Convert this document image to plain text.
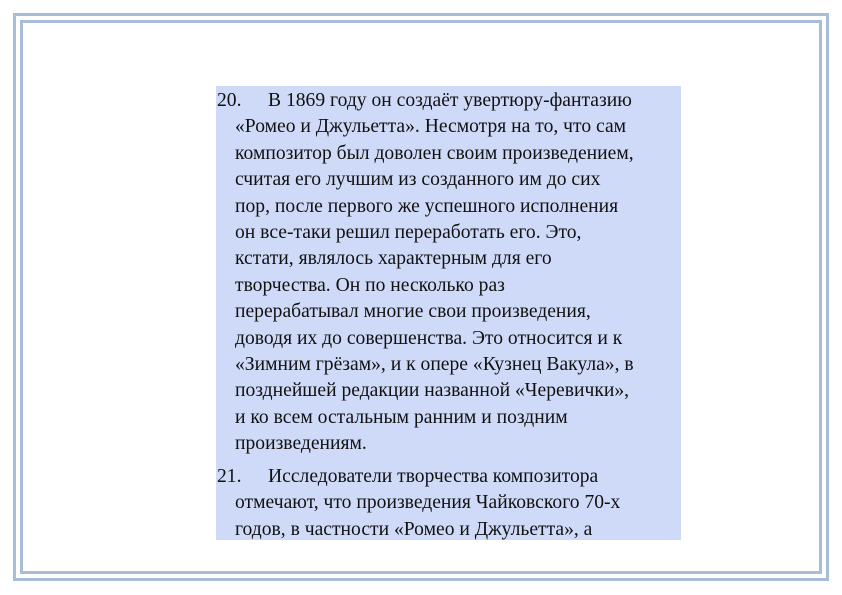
20.	В 1869 году он создаёт увертюру-фантазию
«Ромео и Джульетта». Несмотря на то, что сам
композитор был доволен своим произведением,
считая его лучшим из созданного им до сих
пор, после первого же успешного исполнения
он все-таки решил переработать его. Это,
кстати, являлось характерным для его
творчества. Он по несколько раз
перерабатывал многие свои произведения,
доводя их до совершенства. Это относится и к
«Зимним грёзам», и к опере «Кузнец Вакула», в
позднейшей редакции названной «Черевички»,
и ко всем остальным ранним и поздним
произведениям.
21.	Исследователи творчества композитора
отмечают, что произведения Чайковского 70-х
годов, в частности «Ромео и Джульетта», а
